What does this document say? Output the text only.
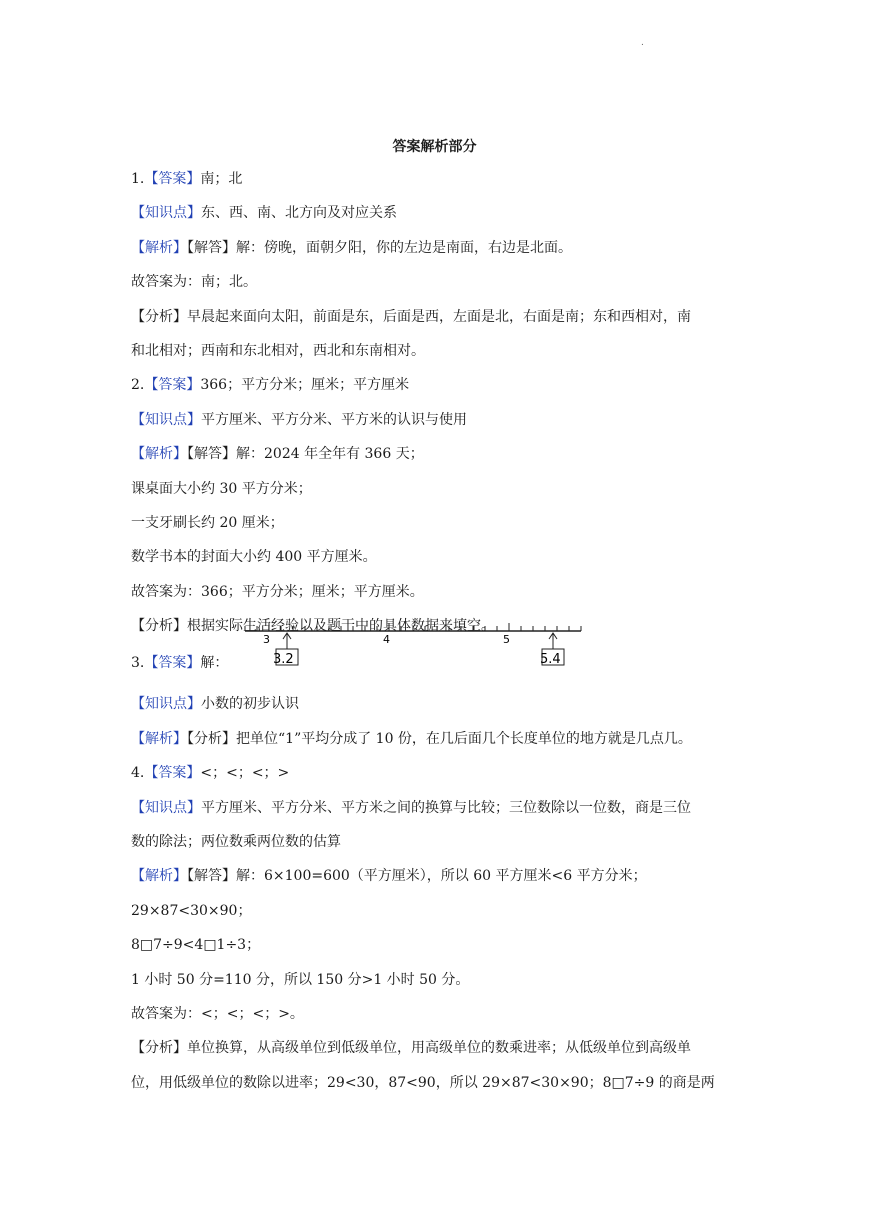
.
答案解析部分
1.【答案】南；北
【知识点】东、西、南、北方向及对应关系
【解析】【解答】解：傍晚，面朝夕阳，你的左边是南面，右边是北面。
故答案为：南；北。
【分析】早晨起来面向太阳，前面是东，后面是西，左面是北，右面是南；东和西相对，南
和北相对；西南和东北相对，西北和东南相对。
2.【答案】366；平方分米；厘米；平方厘米
【知识点】平方厘米、平方分米、平方米的认识与使用
【解析】【解答】解：2024 年全年有 366 天；
课桌面大小约 30 平方分米；
一支牙刷长约 20 厘米；
数学书本的封面大小约 400 平方厘米。
故答案为：366；平方分米；厘米；平方厘米。
【分析】根据实际生活经验以及题干中的具体数据来填空。
3.【答案】解：
3	4	5
3.2	5.4
【知识点】小数的初步认识
【解析】【分析】把单位“1”平均分成了 10 份，在几后面几个长度单位的地方就是几点几。
4.【答案】<；<；<；>
【知识点】平方厘米、平方分米、平方米之间的换算与比较；三位数除以一位数，商是三位
数的除法；两位数乘两位数的估算
【解析】【解答】解：6×100=600（平方厘米），所以 60 平方厘米<6 平方分米；
29×87<30×90；
8□7÷9<4□1÷3；
1 小时 50 分=110 分，所以 150 分>1 小时 50 分。
故答案为：<；<；<；>。
【分析】单位换算，从高级单位到低级单位，用高级单位的数乘进率；从低级单位到高级单
位，用低级单位的数除以进率；29<30，87<90，所以 29×87<30×90；8□7÷9 的商是两
